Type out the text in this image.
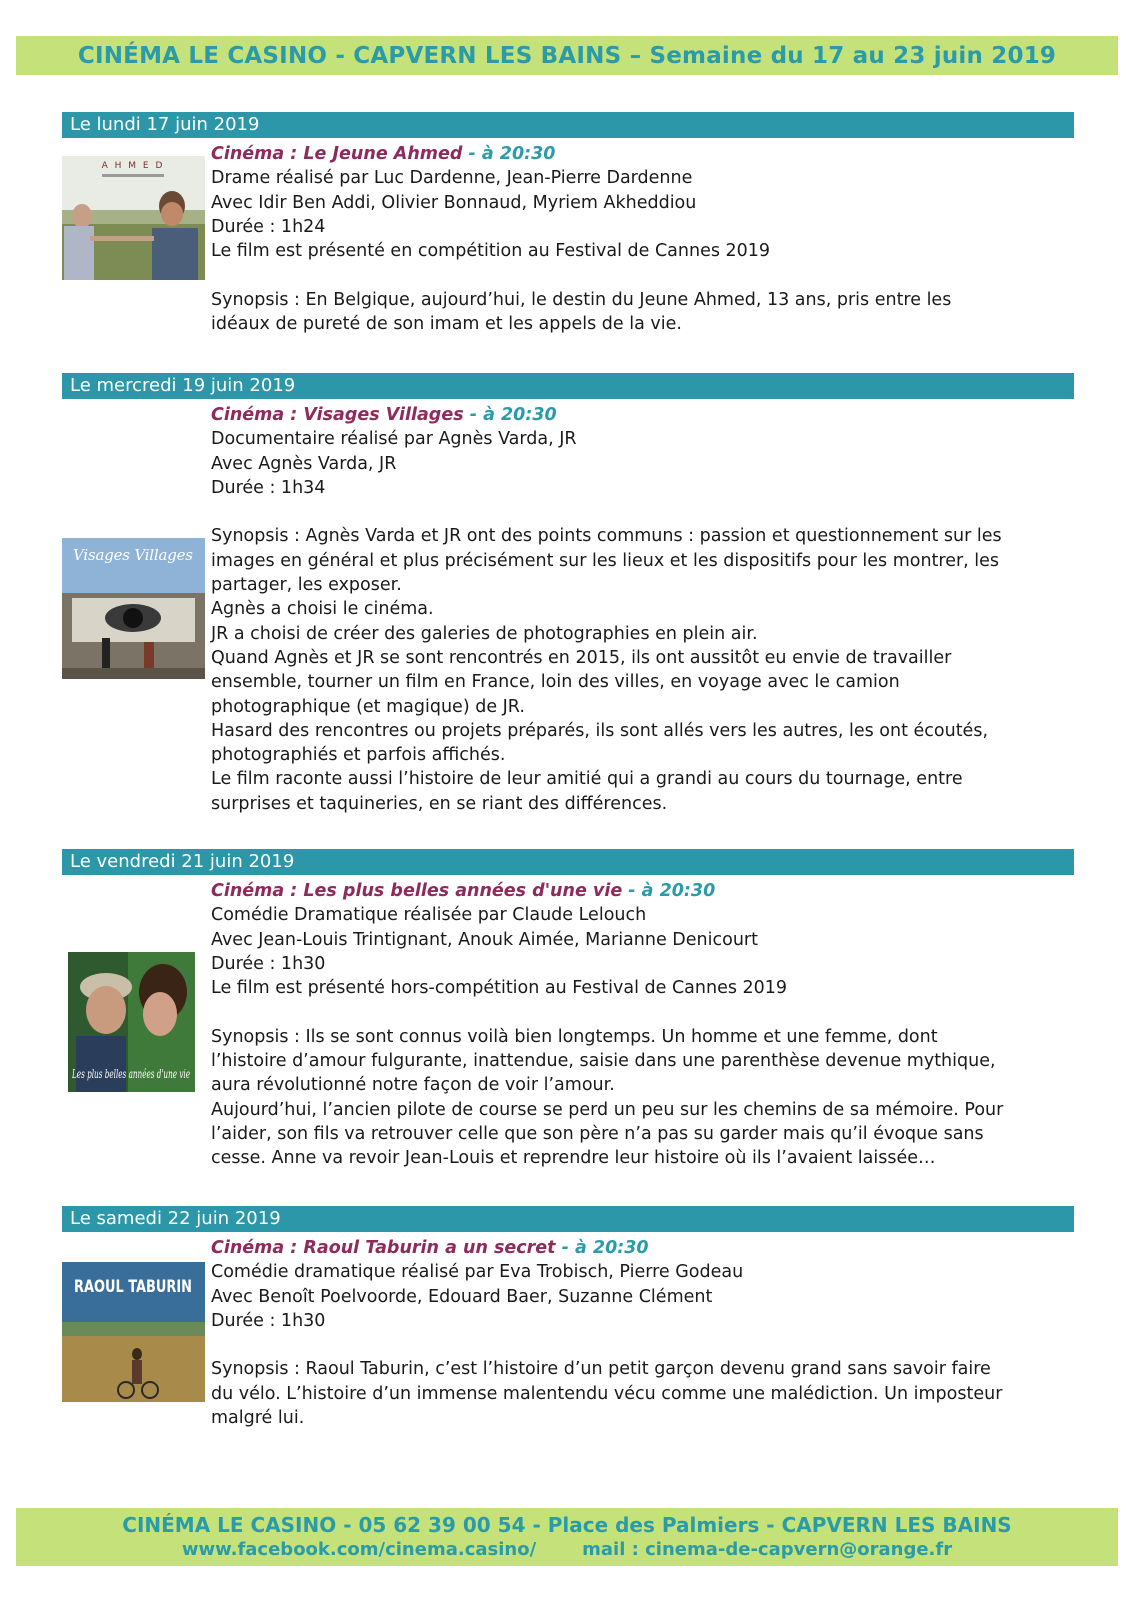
CINÉMA LE CASINO - CAPVERN LES BAINS – Semaine du 17 au 23 juin 2019
Le lundi 17 juin 2019
A H M E D
Cinéma : Le Jeune Ahmed - à 20:30
Drame réalisé par Luc Dardenne, Jean-Pierre Dardenne
Avec Idir Ben Addi, Olivier Bonnaud, Myriem Akheddiou
Durée : 1h24
Le film est présenté en compétition au Festival de Cannes 2019
Synopsis : En Belgique, aujourd’hui, le destin du Jeune Ahmed, 13 ans, pris entre les
idéaux de pureté de son imam et les appels de la vie.
Le mercredi 19 juin 2019
Visages Villages
Cinéma : Visages Villages - à 20:30
Documentaire réalisé par Agnès Varda, JR
Avec Agnès Varda, JR
Durée : 1h34
Synopsis : Agnès Varda et JR ont des points communs : passion et questionnement sur les
images en général et plus précisément sur les lieux et les dispositifs pour les montrer, les
partager, les exposer.
Agnès a choisi le cinéma.
JR a choisi de créer des galeries de photographies en plein air.
Quand Agnès et JR se sont rencontrés en 2015, ils ont aussitôt eu envie de travailler
ensemble, tourner un film en France, loin des villes, en voyage avec le camion
photographique (et magique) de JR.
Hasard des rencontres ou projets préparés, ils sont allés vers les autres, les ont écoutés,
photographiés et parfois affichés.
Le film raconte aussi l’histoire de leur amitié qui a grandi au cours du tournage, entre
surprises et taquineries, en se riant des différences.
Le vendredi 21 juin 2019
Les plus belles années d'une vie
Cinéma : Les plus belles années d'une vie - à 20:30
Comédie Dramatique réalisée par Claude Lelouch
Avec Jean-Louis Trintignant, Anouk Aimée, Marianne Denicourt
Durée : 1h30
Le film est présenté hors-compétition au Festival de Cannes 2019
Synopsis : Ils se sont connus voilà bien longtemps. Un homme et une femme, dont
l’histoire d’amour fulgurante, inattendue, saisie dans une parenthèse devenue mythique,
aura révolutionné notre façon de voir l’amour.
Aujourd’hui, l’ancien pilote de course se perd un peu sur les chemins de sa mémoire. Pour
l’aider, son fils va retrouver celle que son père n’a pas su garder mais qu’il évoque sans
cesse. Anne va revoir Jean-Louis et reprendre leur histoire où ils l’avaient laissée…
Le samedi 22 juin 2019
RAOUL TABURIN
Cinéma : Raoul Taburin a un secret - à 20:30
Comédie dramatique réalisé par Eva Trobisch, Pierre Godeau
Avec Benoît Poelvoorde, Edouard Baer, Suzanne Clément
Durée : 1h30
Synopsis : Raoul Taburin, c’est l’histoire d’un petit garçon devenu grand sans savoir faire
du vélo. L’histoire d’un immense malentendu vécu comme une malédiction. Un imposteur
malgré lui.
CINÉMA LE CASINO - 05 62 39 00 54 - Place des Palmiers - CAPVERN LES BAINS
www.facebook.com/cinema.casino/	mail : cinema-de-capvern@orange.fr
